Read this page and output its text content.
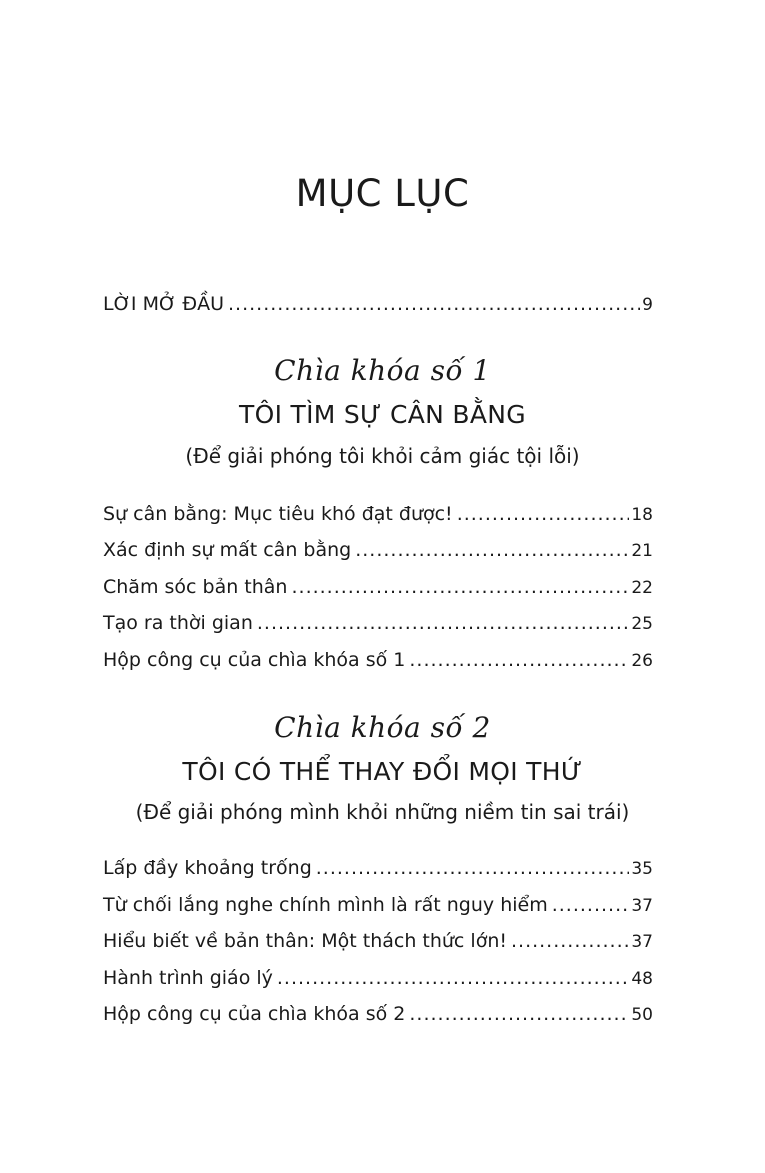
MỤC LỤC
LỜI MỞ ĐẦU .....	9
Chìa khóa số 1
TÔI TÌM SỰ CÂN BẰNG
(Để giải phóng tôi khỏi cảm giác tội lỗi)
Sự cân bằng: Mục tiêu khó đạt được! .....	18
Xác định sự mất cân bằng .....	21
Chăm sóc bản thân .....	22
Tạo ra thời gian .....	25
Hộp công cụ của chìa khóa số 1 .....	26
Chìa khóa số 2
TÔI CÓ THỂ THAY ĐỔI MỌI THỨ
(Để giải phóng mình khỏi những niềm tin sai trái)
Lấp đầy khoảng trống .....	35
Từ chối lắng nghe chính mình là rất nguy hiểm .....	37
Hiểu biết về bản thân: Một thách thức lớn! .....	37
Hành trình giáo lý .....	48
Hộp công cụ của chìa khóa số 2 .....	50
